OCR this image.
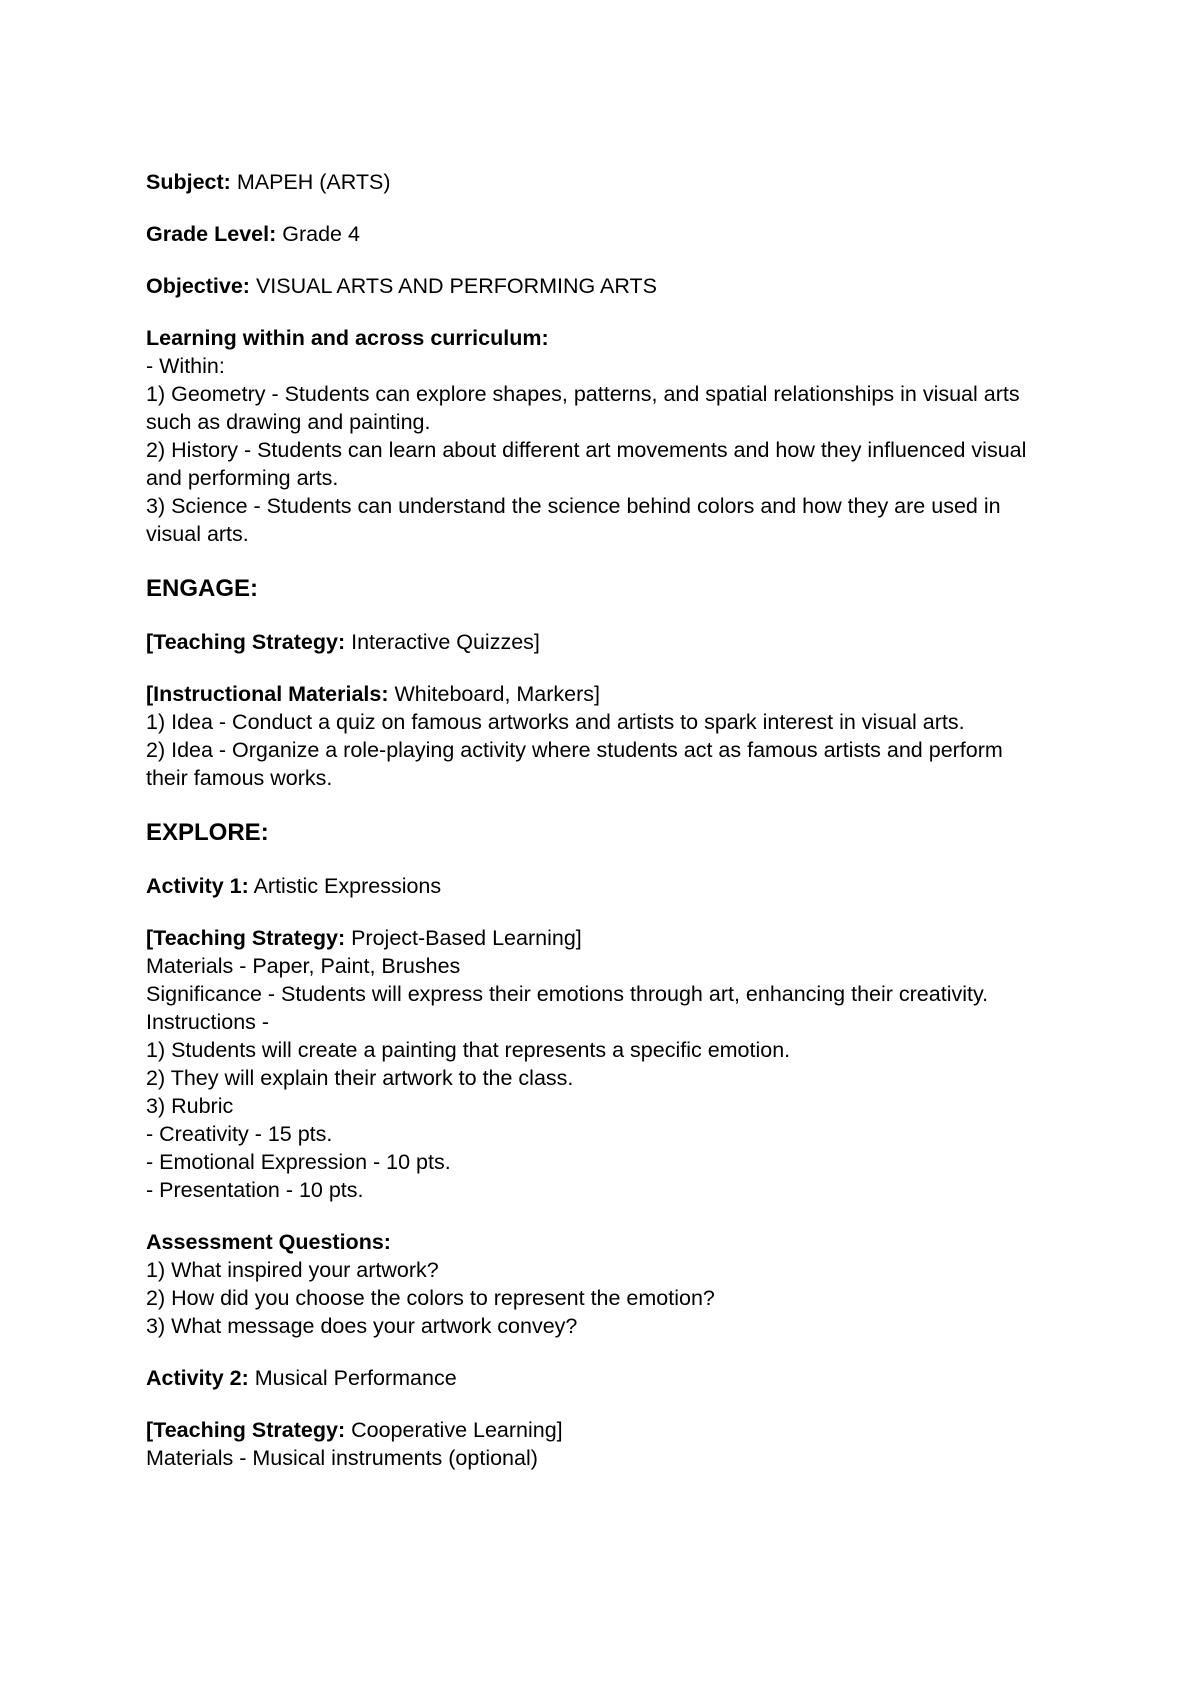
Subject: MAPEH (ARTS)
Grade Level: Grade 4
Objective: VISUAL ARTS AND PERFORMING ARTS
Learning within and across curriculum:
- Within:
1) Geometry - Students can explore shapes, patterns, and spatial relationships in visual arts such as drawing and painting.
2) History - Students can learn about different art movements and how they influenced visual and performing arts.
3) Science - Students can understand the science behind colors and how they are used in visual arts.
ENGAGE:
[Teaching Strategy: Interactive Quizzes]
[Instructional Materials: Whiteboard, Markers]
1) Idea - Conduct a quiz on famous artworks and artists to spark interest in visual arts.
2) Idea - Organize a role-playing activity where students act as famous artists and perform their famous works.
EXPLORE:
Activity 1: Artistic Expressions
[Teaching Strategy: Project-Based Learning]
Materials - Paper, Paint, Brushes
Significance - Students will express their emotions through art, enhancing their creativity.
Instructions -
1) Students will create a painting that represents a specific emotion.
2) They will explain their artwork to the class.
3) Rubric
- Creativity - 15 pts.
- Emotional Expression - 10 pts.
- Presentation - 10 pts.
Assessment Questions:
1) What inspired your artwork?
2) How did you choose the colors to represent the emotion?
3) What message does your artwork convey?
Activity 2: Musical Performance
[Teaching Strategy: Cooperative Learning]
Materials - Musical instruments (optional)
